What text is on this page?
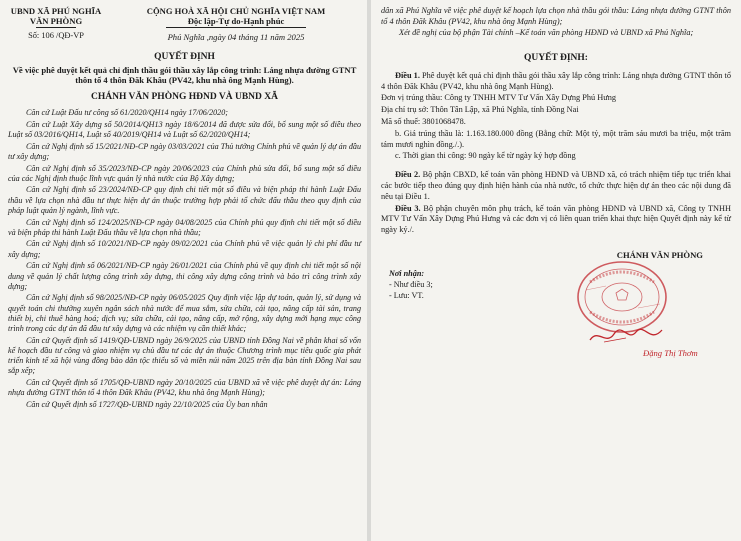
UBND XÃ PHÚ NGHĨA
VĂN PHÒNG
Số: 106 /QĐ-VP
CỘNG HOÀ XÃ HỘI CHỦ NGHĨA VIỆT NAM
Độc lập-Tự do-Hạnh phúc
Phú Nghĩa ,ngày 04 tháng 11 năm 2025
QUYẾT ĐỊNH
Về việc phê duyệt kết quả chỉ định thầu gói thầu xây lắp công trình: Láng nhựa đường GTNT thôn tổ 4 thôn Đăk Khâu (PV42, khu nhà ông Mạnh Hùng).
CHÁNH VĂN PHÒNG HĐND VÀ UBND XÃ

Căn cứ Luật Đấu tư công số 61/2020/QH14 ngày 17/06/2020;

Căn cứ Luật Xây dựng số 50/2014/QH13 ngày 18/6/2014 đã được sửa đổi, bổ sung một số điều theo Luật số 03/2016/QH14, Luật số 40/2019/QH14 và Luật số 62/2020/QH14;

Căn cứ Nghị định số 15/2021/NĐ-CP ngày 03/03/2021 của Thủ tướng Chính phủ về quản lý dự án đầu tư xây dựng;

Căn cứ Nghị định số 35/2023/NĐ-CP ngày 20/06/2023 của Chính phủ sửa đổi, bổ sung một số điều của các Nghị định thuộc lĩnh vực quản lý nhà nước của Bộ Xây dựng;

Căn cứ Nghị định số 23/2024/NĐ-CP quy định chi tiết một số điều và biện pháp thi hành Luật Đấu thầu về lựa chọn nhà đầu tư thực hiện dự án thuộc trường hợp phải tổ chức đấu thầu theo quy định của pháp luật quản lý ngành, lĩnh vực.

Căn cứ Nghị định số 124/2025/NĐ-CP ngày 04/08/2025 của Chính phủ quy định chi tiết một số điều và biện pháp thi hành Luật Đấu thầu về lựa chọn nhà thầu;

Căn cứ Nghị định số 10/2021/NĐ-CP ngày 09/02/2021 của Chính phủ về việc quản lý chi phí đầu tư xây dựng;

Căn cứ Nghị định số 06/2021/NĐ-CP ngày 26/01/2021 của Chính phủ về quy định chi tiết một số nội dung về quản lý chất lượng công trình xây dựng, thi công xây dựng công trình và bảo trì công trình xây dựng;

Căn cứ Nghị định số 98/2025/NĐ-CP ngày 06/05/2025 Quy định việc lập dự toán, quản lý, sử dụng và quyết toán chi thường xuyên ngân sách nhà nước để mua sắm, sửa chữa, cải tạo, nâng cấp tài sản, trang thiết bị, chi thuê hàng hoá; dịch vụ; sửa chữa, cải tạo, nâng cấp, mở rộng, xây dựng mới hạng mục công trình trong các dự án đã đầu tư xây dựng và các nhiệm vụ cần thiết khác;

Căn cứ Quyết định số 1419/QĐ-UBND ngày 26/9/2025 của UBND tỉnh Đồng Nai về phân khai số vốn kế hoạch đầu tư công và giao nhiệm vụ chủ đầu tư các dự án thuộc Chương trình mục tiêu quốc gia phát triển kinh tế xã hội vùng đồng bào dân tộc thiểu số và miền núi năm 2025 trên địa bàn tỉnh Đồng Nai sau sắp xếp;

Căn cứ Quyết định số 1705/QĐ-UBND ngày 20/10/2025 của UBND xã về việc phê duyệt dự án: Láng nhựa đường GTNT thôn tổ 4 thôn Đăk Khâu (PV42, khu nhà ông Mạnh Hùng);

Căn cứ Quyết định số 1727/QĐ-UBND ngày 22/10/2025 của Ủy ban nhân

dân xã Phú Nghĩa về việc phê duyệt kế hoạch lựa chọn nhà thầu gói thầu: Láng nhựa đường GTNT thôn tổ 4 thôn Đăk Khâu (PV42, khu nhà ông Mạnh Hùng);

Xét đề nghị của bộ phận Tài chính –Kế toán văn phòng HĐND và UBND xã Phú Nghĩa;

QUYẾT ĐỊNH:

Điều 1. Phê duyệt kết quả chỉ định thầu gói thầu xây lắp công trình: Láng nhựa đường GTNT thôn tổ 4 thôn Đăk Khâu (PV42, khu nhà ông Mạnh Hùng).

Đơn vị trúng thầu: Công ty TNHH MTV Tư Vấn Xây Dựng Phú Hưng

Địa chỉ trụ sở: Thôn Tân Lập, xã Phú Nghĩa, tỉnh Đồng Nai

Mã số thuế: 3801068478.

b. Giá trúng thầu là: 1.163.180.000 đồng (Bằng chữ: Một tỷ, một trăm sáu mươi ba triệu, một trăm tám mươi nghìn đồng./.).

c. Thời gian thi công: 90 ngày kể từ ngày ký hợp đồng

Điều 2. Bộ phận CBXD, kế toán văn phòng HĐND và UBND xã, có trách nhiệm tiếp tục triển khai các bước tiếp theo đúng quy định hiện hành của nhà nước, tổ chức thực hiện dự án theo các nội dung đã nêu tại Điều 1.

Điều 3. Bộ phận chuyên môn phụ trách, kế toán văn phòng HĐND và UBND xã, Công ty TNHH MTV Tư Vấn Xây Dựng Phú Hưng và các đơn vị có liên quan triển khai thực hiện Quyết định này kể từ ngày ký./.

CHÁNH VĂN PHÒNG
Nơi nhận:
- Như điều 3;
- Lưu: VT.
Đặng Thị Thơm
